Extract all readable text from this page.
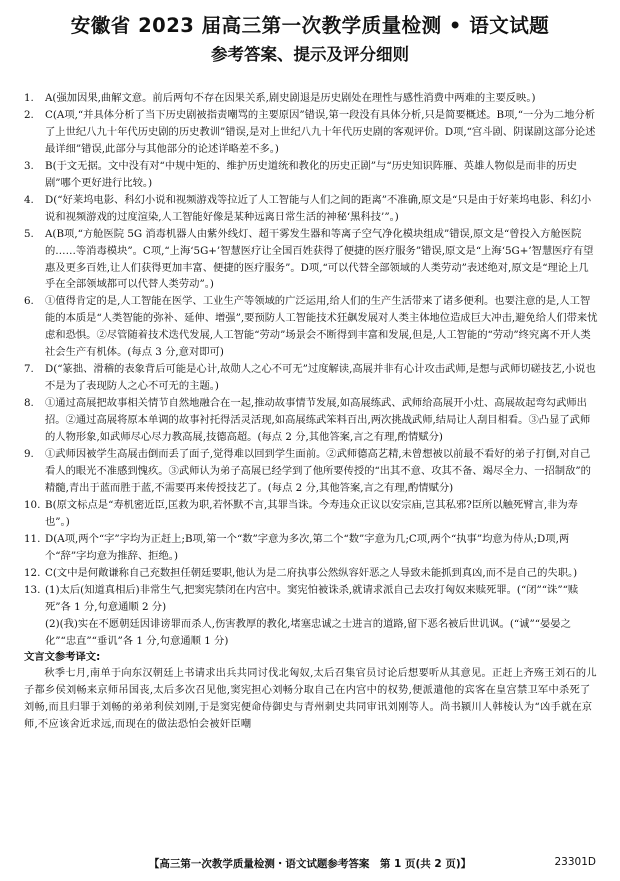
安徽省 2023 届高三第一次教学质量检测 • 语文试题
参考答案、提示及评分细则
1. A(强加因果,曲解文意。前后两句不存在因果关系,剧史剧退是历史剧处在理性与感性消费中两难的主要反映。)
2. C(A项,“并具体分析了当下历史剧被指责嘲骂的主要原因”错误,第一段没有具体分析,只是简要概述。B项,“一分为二地分析了上世纪八九十年代历史剧的历史教训”错误,是对上世纪八九十年代历史剧的客观评价。D项,“宫斗剧、阴谋剧这部分论述最详细”错误,此部分与其他部分的论述详略差不多。)
3. B(于文无据。文中没有对“中规中矩的、维护历史道统和教化的历史正剧”与“历史知识阵雁、英雄人物似是而非的历史剧”哪个更好进行比较。)
4. D(“好莱坞电影、科幻小说和视频游戏等拉近了人工智能与人们之间的距离”不准确,原文是“只是由于好莱坞电影、科幻小说和视频游戏的过度渲染,人工智能好像是某种远离日常生活的神秘‘黑科技’”。)
5. A(B项,“方舱医院 5G 消毒机器人由紫外线灯、超干雾发生器和等离子空气净化模块组成”错误,原文是“曾投入方舱医院的……等消毒模块”。C项,“上海‘5G+’智慧医疗让全国百姓获得了便捷的医疗服务”错误,原文是“上海‘5G+’智慧医疗有望惠及更多百姓,让人们获得更加丰富、便捷的医疗服务”。D项,“可以代替全部领域的人类劳动”表述绝对,原文是“理论上几乎在全部领域都可以代替人类劳动”。)
6. ①值得肯定的是,人工智能在医学、工业生产等领域的广泛运用,给人们的生产生活带来了诸多便利。也要注意的是,人工智能的本质是“人类智能的弥补、延伸、增强”,要预防人工智能技术狂飙发展对人类主体地位造成巨大冲击,避免给人们带来忧虑和恐惧。②尽管随着技术迭代发展,人工智能“劳动”场景会不断得到丰富和发展,但是,人工智能的“劳动”终究离不开人类社会生产有机体。(每点 3 分,意对即可)
7. D(“篆拙、滑稽的表象背后可能是心计,故勋人之心不可无”过度解读,高展并非有心计攻击武师,是想与武师切磋技艺,小说也不是为了表现防人之心不可无的主题。)
8. ①通过高展把故事相关情节自然地融合在一起,推动故事情节发展,如高展练武、武师给高展开小灶、高展故起弯勾武师出招。②通过高展将原本单调的故事衬托得活灵活现,如高展练武笨料百出,两次挑战武师,结局让人刮目相看。③凸显了武师的人物形象,如武师尽心尽力教高展,技德高超。(每点 2 分,其他答案,言之有理,酌情赋分)
9. ①武师因被学生高展击倒而丢了面子,觉得难以回到学生面前。②武师德高艺精,未曾想被以前最不看好的弟子打倒,对自己看人的眼光不准感到愧疚。③武师认为弟子高展已经学到了他所要传授的“出其不意、攻其不备、竭尽全力、一招制敌”的精髓,青出于蓝而胜于蓝,不需要再来传授技艺了。(每点 2 分,其他答案,言之有理,酌情赋分)
10. B(原文标点是“寿机密近臣,匡救为职,若怀默不言,其罪当诛。今寿违众正议以安宗庙,岂其私邪?臣所以触死臂言,非为寿也”。)
11. D(A项,两个“字”字均为正赶上;B项,第一个“数”字意为多次,第二个“数”字意为几;C项,两个“执事”均意为侍从;D项,两个“辞”字均意为推辞、拒绝。)
12. C(文中是何敞谦称自己充数担任朝廷要职,他认为是二府执事公然纵容奸恶之人导致未能抓到真凶,而不是自己的失职。)
13. (1)太后(知道真相后)非常生气,把窦宪禁闭在内宫中。窦宪怕被诛杀,就请求派自己去攻打匈奴来赎死罪。(“闭”“诛”“赎死”各 1 分,句意通顺 2 分)
(2)(我)实在不愿朝廷因诽谤罪而杀人,伤害教厚的教化,堵塞忠诚之士进言的道路,留下恶名被后世讥讽。(“诚”“晏晏之化”“忠直”“垂讥”各 1 分,句意通顺 1 分)
文言文参考译文:
秋季七月,南单于向东汉朝廷上书请求出兵共同讨伐北匈奴,太后召集官员讨论后想要听从其意见。正赶上齐殇王刘石的儿子都乡侯刘畅来京师吊国丧,太后多次召见他,窦宪担心刘畅分取自己在内宫中的权势,便派遣他的宾客在皇宫禁卫军中杀死了刘畅,而且归罪于刘畅的弟弟利侯刘刚,于是窦宪便命侍御史与青州刺史共同审讯刘刚等人。尚书颍川人韩棱认为“凶手就在京师,不应该舍近求远,而现在的做法恐怕会被奸臣嘲
【高三第一次教学质量检测・语文试题参考答案　第 1 页(共 2 页)】	23301D
